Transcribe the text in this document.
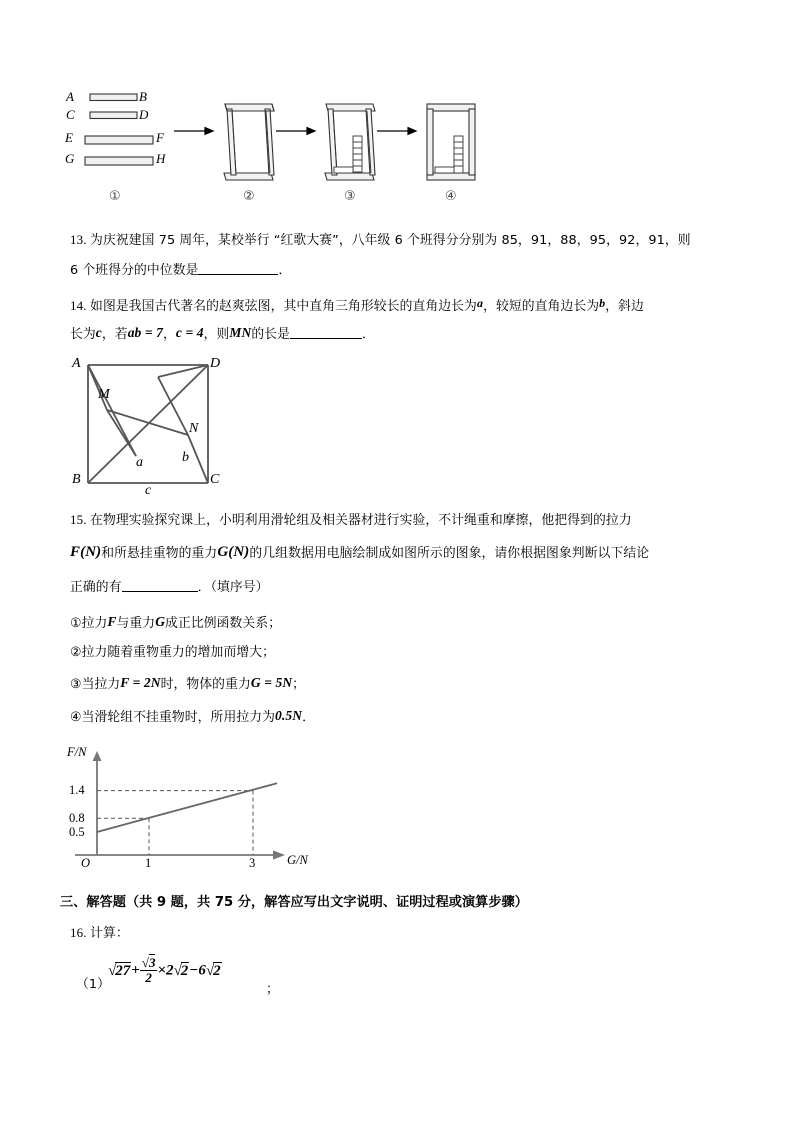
A	B
C	D
E	F
G	H
①	②	③	④
13. 为庆祝建国 75 周年，某校举行 “红歌大赛”，八年级 6 个班得分分别为 85，91，88，95，92，91，则
6 个班得分的中位数是	．
14. 如图是我国古代著名的赵爽弦图，其中直角三角形较长的直角边长为a，较短的直角边长为b，斜边
长为c，若ab = 7，c = 4，则MN的长是	．
A	D
B	C
M
N
a	b
c
15. 在物理实验探究课上，小明利用滑轮组及相关器材进行实验，不计绳重和摩擦，他把得到的拉力
F(N)和所悬挂重物的重力G(N)的几组数据用电脑绘制成如图所示的图象，请你根据图象判断以下结论
正确的有	．（填序号）
①拉力F与重力G成正比例函数关系；
②拉力随着重物重力的增加而增大；
③当拉力F = 2N时，物体的重力G = 5N；
④当滑轮组不挂重物时，所用拉力为0.5N．
F/N
G/N
O
1.4
0.8
0.5
1	3
三、解答题（共 9 题，共 75 分，解答应写出文字说明、证明过程或演算步骤）
16. 计算：
（1）
$√27+ \frac{√3}{2} \times 2√2-6√2$
；
